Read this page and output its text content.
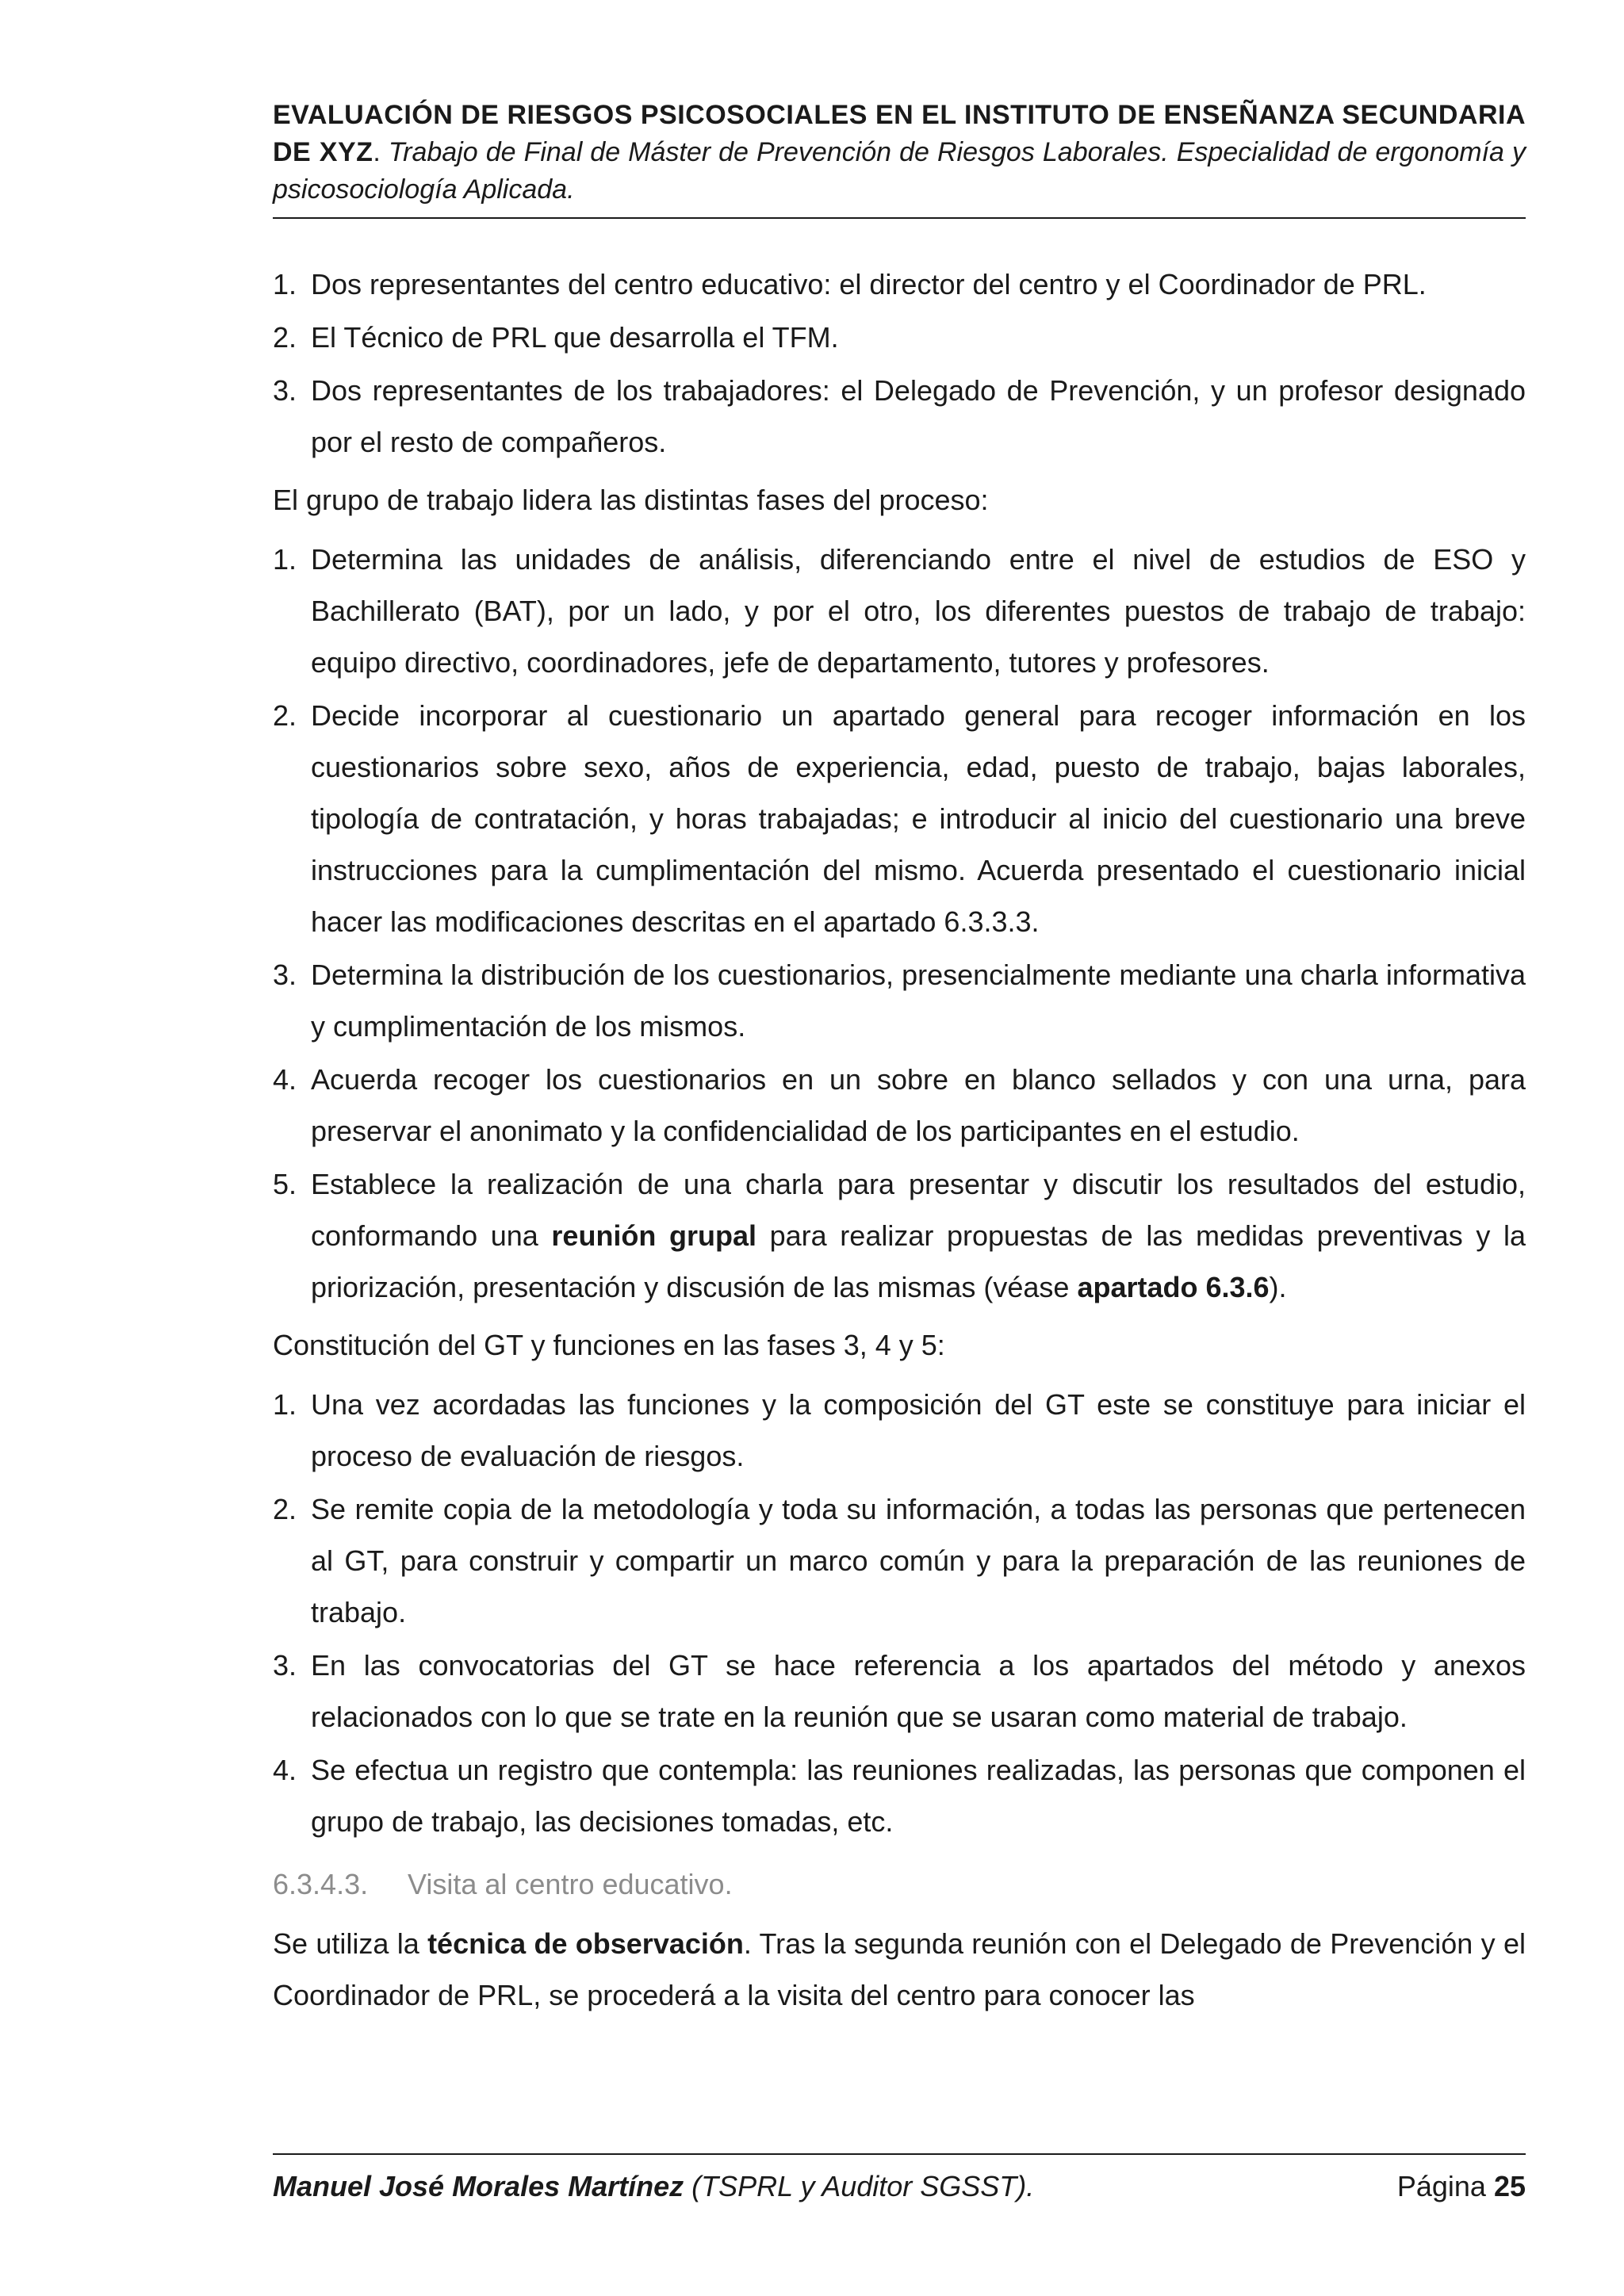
EVALUACIÓN DE RIESGOS PSICOSOCIALES EN EL INSTITUTO DE ENSEÑANZA SECUNDARIA DE XYZ. Trabajo de Final de Máster de Prevención de Riesgos Laborales. Especialidad de ergonomía y psicosociología Aplicada.
1. Dos representantes del centro educativo: el director del centro y el Coordinador de PRL.
2. El Técnico de PRL que desarrolla el TFM.
3. Dos representantes de los trabajadores: el Delegado de Prevención, y un profesor designado por el resto de compañeros.

El grupo de trabajo lidera las distintas fases del proceso:

1. Determina las unidades de análisis, diferenciando entre el nivel de estudios de ESO y Bachillerato (BAT), por un lado, y por el otro, los diferentes puestos de trabajo de trabajo: equipo directivo, coordinadores, jefe de departamento, tutores y profesores.
2. Decide incorporar al cuestionario un apartado general para recoger información en los cuestionarios sobre sexo, años de experiencia, edad, puesto de trabajo, bajas laborales, tipología de contratación, y horas trabajadas; e introducir al inicio del cuestionario una breve instrucciones para la cumplimentación del mismo. Acuerda presentado el cuestionario inicial hacer las modificaciones descritas en el apartado 6.3.3.3.
3. Determina la distribución de los cuestionarios, presencialmente mediante una charla informativa y cumplimentación de los mismos.
4. Acuerda recoger los cuestionarios en un sobre en blanco sellados y con una urna, para preservar el anonimato y la confidencialidad de los participantes en el estudio.
5. Establece la realización de una charla para presentar y discutir los resultados del estudio, conformando una reunión grupal para realizar propuestas de las medidas preventivas y la priorización, presentación y discusión de las mismas (véase apartado 6.3.6).

Constitución del GT y funciones en las fases 3, 4 y 5:

1. Una vez acordadas las funciones y la composición del GT este se constituye para iniciar el proceso de evaluación de riesgos.
2. Se remite copia de la metodología y toda su información, a todas las personas que pertenecen al GT, para construir y compartir un marco común y para la preparación de las reuniones de trabajo.
3. En las convocatorias del GT se hace referencia a los apartados del método y anexos relacionados con lo que se trate en la reunión que se usaran como material de trabajo.
4. Se efectua un registro que contempla: las reuniones realizadas, las personas que componen el grupo de trabajo, las decisiones tomadas, etc.

6.3.4.3. Visita al centro educativo.

Se utiliza la técnica de observación. Tras la segunda reunión con el Delegado de Prevención y el Coordinador de PRL, se procederá a la visita del centro para conocer las

Manuel José Morales Martínez (TSPRL y Auditor SGSST).	Página 25
